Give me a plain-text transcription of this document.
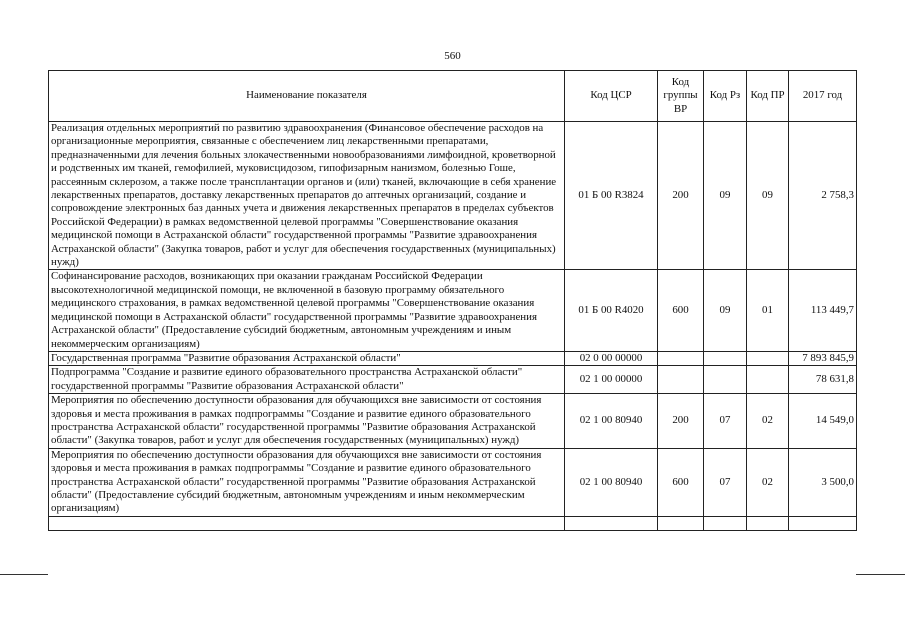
560
Наименование показателя	Код ЦСР	Код группы ВР	Код Рз	Код ПР	2017 год
Реализация отдельных мероприятий по развитию здравоохранения (Финансовое обеспечение расходов на организационные мероприятия, связанные с обеспечением лиц лекарственными препаратами, предназначенными для лечения больных злокачественными новообразованиями лимфоидной, кроветворной и родственных им тканей, гемофилией, муковисцидозом, гипофизарным нанизмом, болезнью Гоше, рассеянным склерозом, а также после трансплантации органов и (или) тканей, включающие в себя хранение лекарственных препаратов, доставку лекарственных препаратов до аптечных организаций, создание и сопровождение электронных баз данных учета и движения лекарственных препаратов в пределах субъектов Российской Федерации) в рамках ведомственной целевой программы "Совершенствование оказания медицинской помощи в Астраханской области" государственной программы "Развитие здравоохранения Астраханской области" (Закупка товаров, работ и услуг для обеспечения государственных (муниципальных) нужд)	01 Б 00 R3824	200	09	09	2 758,3
Софинансирование расходов, возникающих при оказании гражданам Российской Федерации высокотехнологичной медицинской помощи, не включенной в базовую программу обязательного медицинского страхования, в рамках ведомственной целевой программы "Совершенствование оказания медицинской помощи в Астраханской области" государственной программы "Развитие здравоохранения Астраханской области" (Предоставление субсидий бюджетным, автономным учреждениям и иным некоммерческим организациям)	01 Б 00 R4020	600	09	01	113 449,7
Государственная программа "Развитие образования Астраханской области"	02 0 00 00000				7 893 845,9
Подпрограмма "Создание и развитие единого образовательного пространства Астраханской области" государственной программы "Развитие образования Астраханской области"	02 1 00 00000				78 631,8
Мероприятия по обеспечению доступности образования для обучающихся вне зависимости от состояния здоровья и места проживания в рамках подпрограммы "Создание и развитие единого образовательного пространства Астраханской области" государственной программы "Развитие образования Астраханской области" (Закупка товаров, работ и услуг для обеспечения государственных (муниципальных) нужд)	02 1 00 80940	200	07	02	14 549,0
Мероприятия по обеспечению доступности образования для обучающихся вне зависимости от состояния здоровья и места проживания в рамках подпрограммы "Создание и развитие единого образовательного пространства Астраханской области" государственной программы "Развитие образования Астраханской области" (Предоставление субсидий бюджетным, автономным учреждениям и иным некоммерческим организациям)	02 1 00 80940	600	07	02	3 500,0
